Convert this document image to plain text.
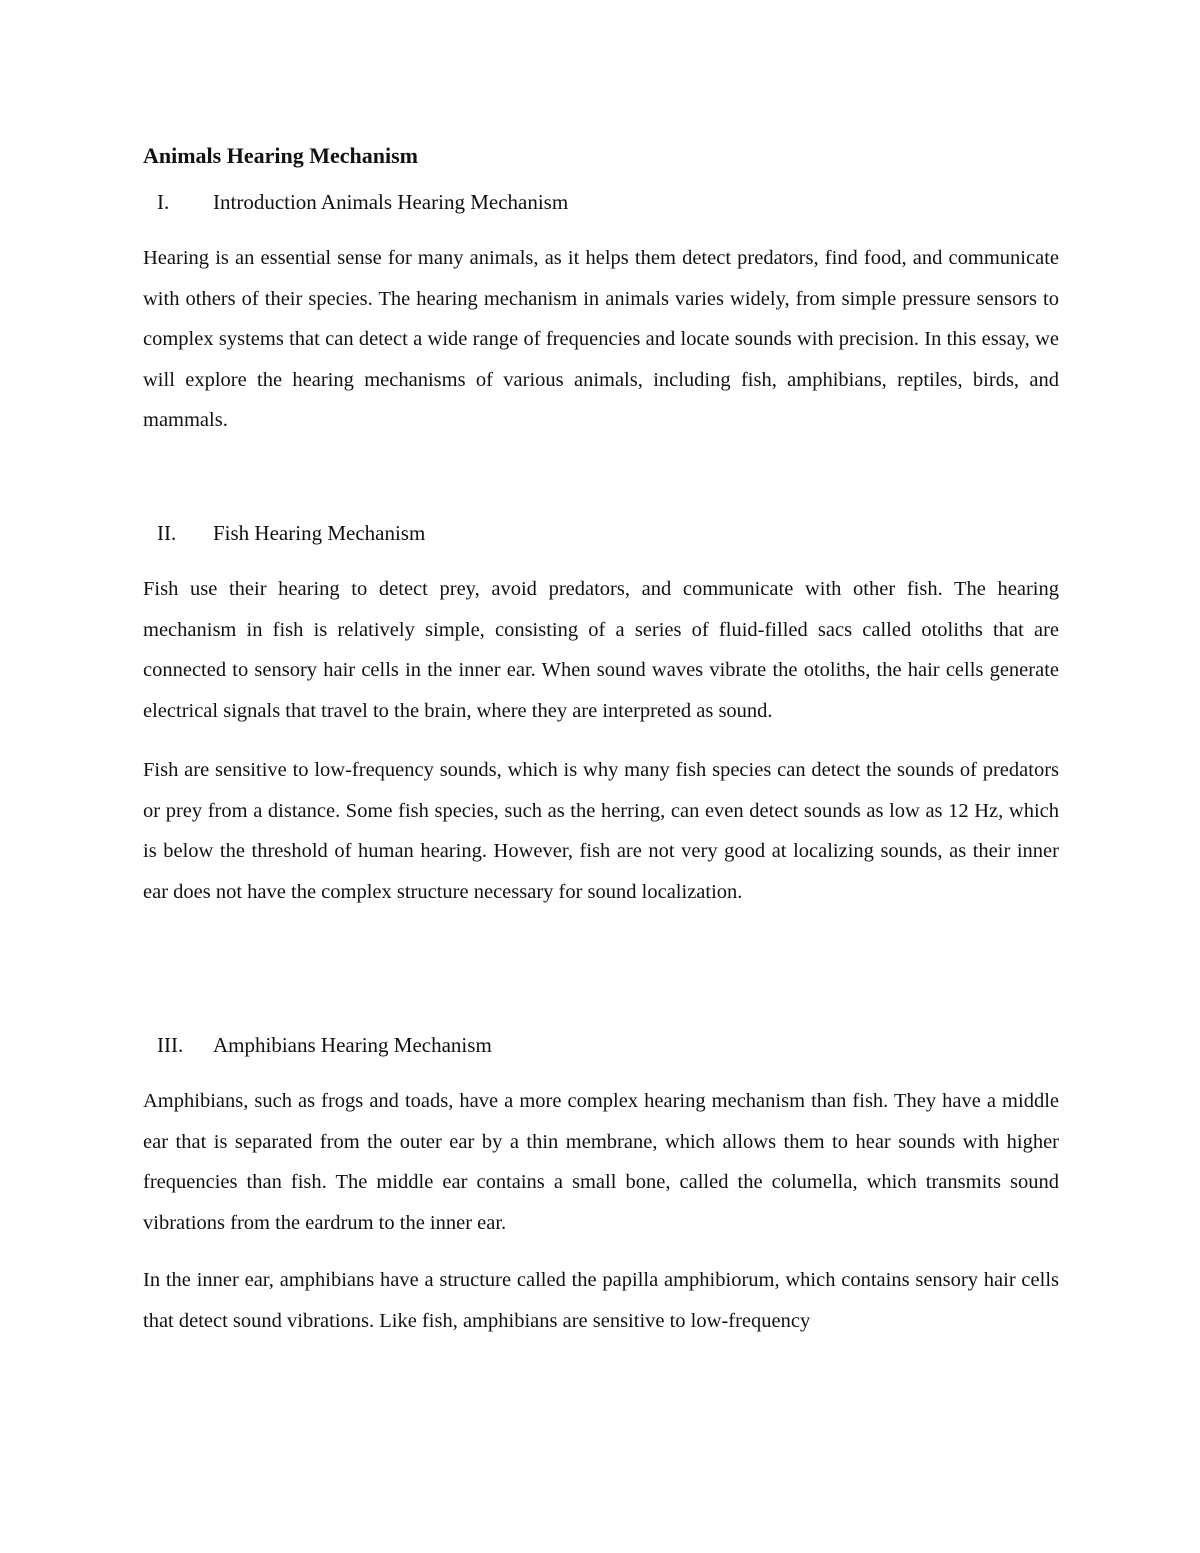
Animals Hearing Mechanism
I. Introduction Animals Hearing Mechanism

Hearing is an essential sense for many animals, as it helps them detect predators, find food, and communicate with others of their species. The hearing mechanism in animals varies widely, from simple pressure sensors to complex systems that can detect a wide range of frequencies and locate sounds with precision. In this essay, we will explore the hearing mechanisms of various animals, including fish, amphibians, reptiles, birds, and mammals.

II. Fish Hearing Mechanism

Fish use their hearing to detect prey, avoid predators, and communicate with other fish. The hearing mechanism in fish is relatively simple, consisting of a series of fluid-filled sacs called otoliths that are connected to sensory hair cells in the inner ear. When sound waves vibrate the otoliths, the hair cells generate electrical signals that travel to the brain, where they are interpreted as sound.

Fish are sensitive to low-frequency sounds, which is why many fish species can detect the sounds of predators or prey from a distance. Some fish species, such as the herring, can even detect sounds as low as 12 Hz, which is below the threshold of human hearing. However, fish are not very good at localizing sounds, as their inner ear does not have the complex structure necessary for sound localization.

III. Amphibians Hearing Mechanism

Amphibians, such as frogs and toads, have a more complex hearing mechanism than fish. They have a middle ear that is separated from the outer ear by a thin membrane, which allows them to hear sounds with higher frequencies than fish. The middle ear contains a small bone, called the columella, which transmits sound vibrations from the eardrum to the inner ear.

In the inner ear, amphibians have a structure called the papilla amphibiorum, which contains sensory hair cells that detect sound vibrations. Like fish, amphibians are sensitive to low-frequency
